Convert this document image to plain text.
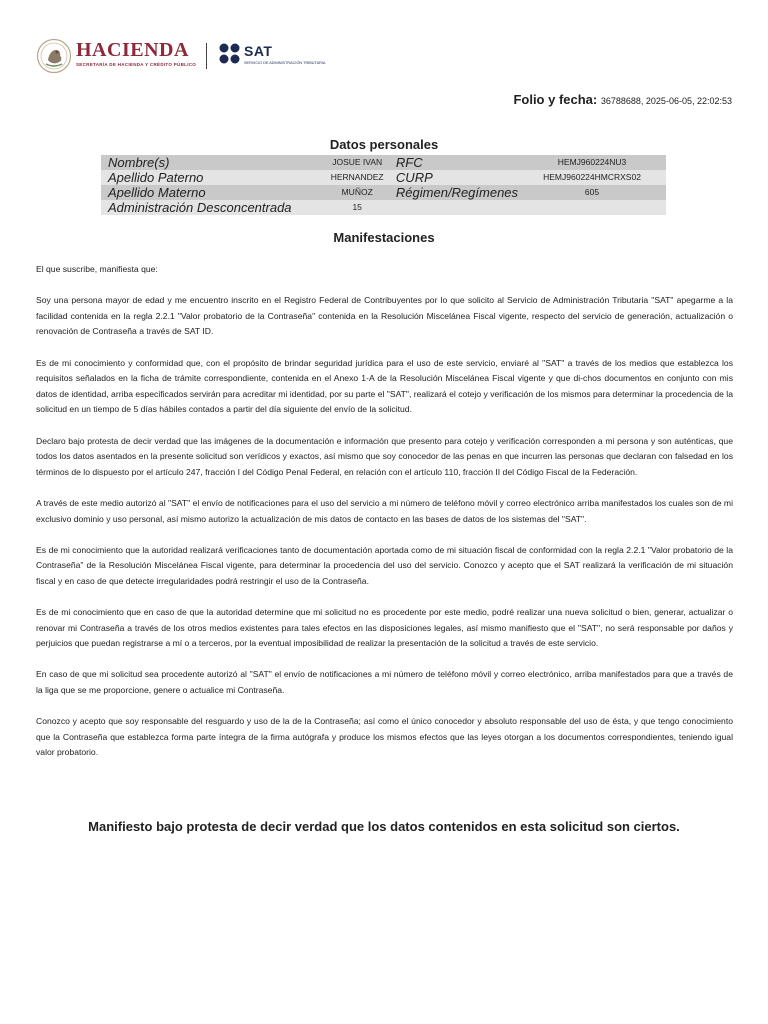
HACIENDA
SECRETARÍA DE HACIENDA Y CRÉDITO PÚBLICO
SAT
SERVICIO DE ADMINISTRACIÓN TRIBUTARIA
Folio y fecha: 36788688, 2025-06-05, 22:02:53
Datos personales
Nombre(s)	JOSUE IVAN	RFC	HEMJ960224NU3
Apellido Paterno	HERNANDEZ	CURP	HEMJ960224HMCRXS02
Apellido Materno	MUÑOZ	Régimen/Regímenes	605
Administración Desconcentrada	15		
Manifestaciones

El que suscribe, manifiesta que:

Soy una persona mayor de edad y me encuentro inscrito en el Registro Federal de Contribuyentes por lo que solicito al Servicio de Administración Tributaria "SAT" apegarme a la facilidad contenida en la regla 2.2.1 "Valor probatorio de la Contraseña" contenida en la Resolución Miscelánea Fiscal vigente, respecto del servicio de generación, actualización o renovación de Contraseña a través de SAT ID.

Es de mi conocimiento y conformidad que, con el propósito de brindar seguridad jurídica para el uso de este servicio, enviaré al "SAT" a través de los medios que establezca los requisitos señalados en la ficha de trámite correspondiente, contenida en el Anexo 1-A de la Resolución Miscelánea Fiscal vigente y que di-chos documentos en conjunto con mis datos de identidad, arriba especificados servirán para acreditar mi identidad, por su parte el "SAT", realizará el cotejo y verificación de los mismos para determinar la procedencia de la solicitud en un tiempo de 5 días hábiles contados a partir del día siguiente del envío de la solicitud.

Declaro bajo protesta de decir verdad que las imágenes de la documentación e información que presento para cotejo y verificación corresponden a mi persona y son auténticas, que todos los datos asentados en la presente solicitud son verídicos y exactos, así mismo que soy conocedor de las penas en que incurren las personas que declaran con falsedad en los términos de lo dispuesto por el artículo 247, fracción I del Código Penal Federal, en relación con el artículo 110, fracción II del Código Fiscal de la Federación.

A través de este medio autorizó al "SAT" el envío de notificaciones para el uso del servicio a mi número de teléfono móvil y correo electrónico arriba manifestados los cuales son de mi exclusivo dominio y uso personal, así mismo autorizo la actualización de mis datos de contacto en las bases de datos de los sistemas del "SAT".

Es de mi conocimiento que la autoridad realizará verificaciones tanto de documentación aportada como de mi situación fiscal de conformidad con la regla 2.2.1 "Valor probatorio de la Contraseña" de la Resolución Miscelánea Fiscal vigente, para determinar la procedencia del uso del servicio. Conozco y acepto que el SAT realizará la verificación de mi situación fiscal y en caso de que detecte irregularidades podrá restringir el uso de la Contraseña.

Es de mi conocimiento que en caso de que la autoridad determine que mi solicitud no es procedente por este medio, podré realizar una nueva solicitud o bien, generar, actualizar o renovar mi Contraseña a través de los otros medios existentes para tales efectos en las disposiciones legales, así mismo manifiesto que el "SAT", no será responsable por daños y perjuicios que puedan registrarse a mí o a terceros, por la eventual imposibilidad de realizar la presentación de la solicitud a través de este servicio.

En caso de que mi solicitud sea procedente autorizó al "SAT" el envío de notificaciones a mi número de teléfono móvil y correo electrónico, arriba manifestados para que a través de la liga que se me proporcione, genere o actualice mi Contraseña.

Conozco y acepto que soy responsable del resguardo y uso de la de la Contraseña; así como el único conocedor y absoluto responsable del uso de ésta, y que tengo conocimiento que la Contraseña que establezca forma parte íntegra de la firma autógrafa y produce los mismos efectos que las leyes otorgan a los documentos correspondientes, teniendo igual valor probatorio.

Manifiesto bajo protesta de decir verdad que los datos contenidos en esta solicitud son ciertos.
